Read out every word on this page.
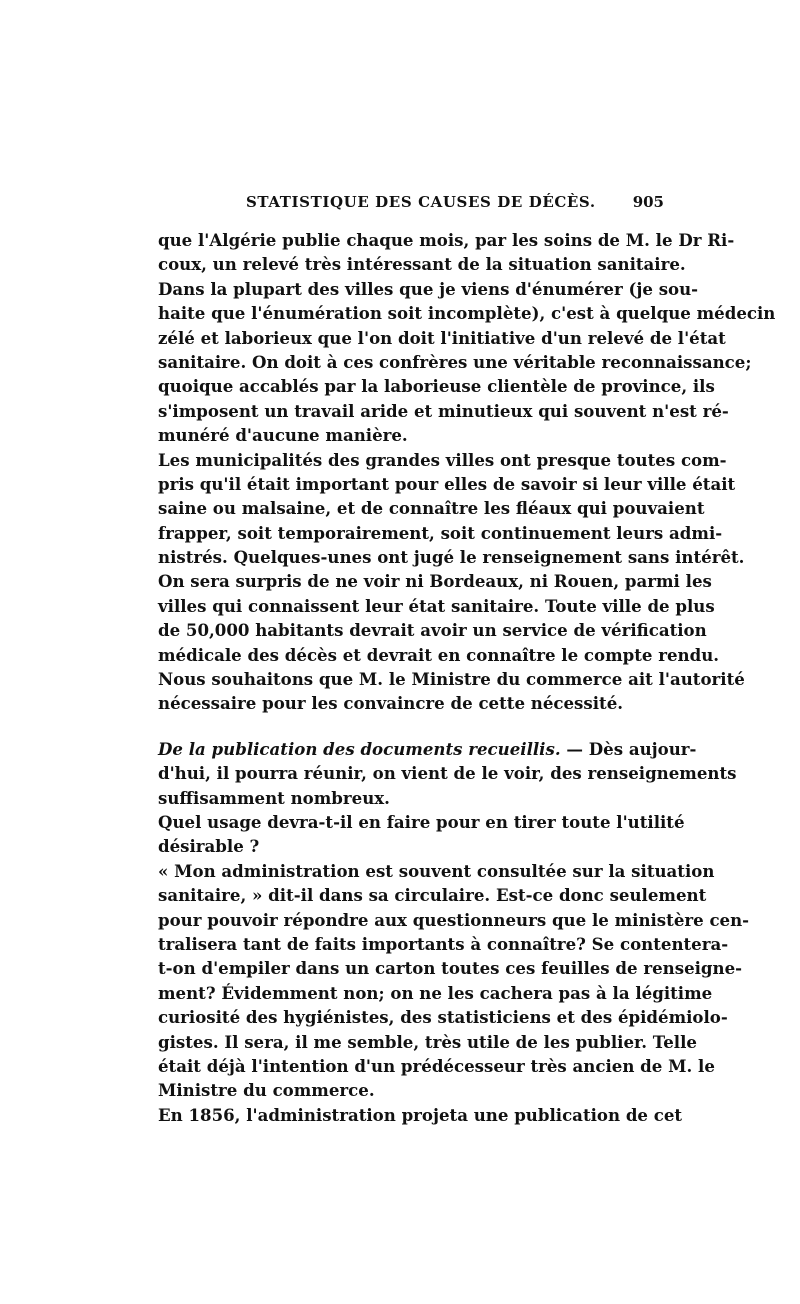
STATISTIQUE DES CAUSES DE DÉCÈS. 905
que l'Algérie publie chaque mois, par les soins de M. le Dr Ri-
coux, un relevé très intéressant de la situation sanitaire.
Dans la plupart des villes que je viens d'énumérer (je sou-
haite que l'énumération soit incomplète), c'est à quelque médecin
zélé et laborieux que l'on doit l'initiative d'un relevé de l'état
sanitaire. On doit à ces confrères une véritable reconnaissance;
quoique accablés par la laborieuse clientèle de province, ils
s'imposent un travail aride et minutieux qui souvent n'est ré-
munéré d'aucune manière.
Les municipalités des grandes villes ont presque toutes com-
pris qu'il était important pour elles de savoir si leur ville était
saine ou malsaine, et de connaître les fléaux qui pouvaient
frapper, soit temporairement, soit continuement leurs admi-
nistrés. Quelques-unes ont jugé le renseignement sans intérêt.
On sera surpris de ne voir ni Bordeaux, ni Rouen, parmi les
villes qui connaissent leur état sanitaire. Toute ville de plus
de 50,000 habitants devrait avoir un service de vérification
médicale des décès et devrait en connaître le compte rendu.
Nous souhaitons que M. le Ministre du commerce ait l'autorité
nécessaire pour les convaincre de cette nécessité.
De la publication des documents recueillis. — Dès aujour-
d'hui, il pourra réunir, on vient de le voir, des renseignements
suffisamment nombreux.
Quel usage devra-t-il en faire pour en tirer toute l'utilité
désirable ?
« Mon administration est souvent consultée sur la situation
sanitaire, » dit-il dans sa circulaire. Est-ce donc seulement
pour pouvoir répondre aux questionneurs que le ministère cen-
tralisera tant de faits importants à connaître? Se contentera-
t-on d'empiler dans un carton toutes ces feuilles de renseigne-
ment? Évidemment non; on ne les cachera pas à la légitime
curiosité des hygiénistes, des statisticiens et des épidémiolo-
gistes. Il sera, il me semble, très utile de les publier. Telle
était déjà l'intention d'un prédécesseur très ancien de M. le
Ministre du commerce.
En 1856, l'administration projeta une publication de cet
